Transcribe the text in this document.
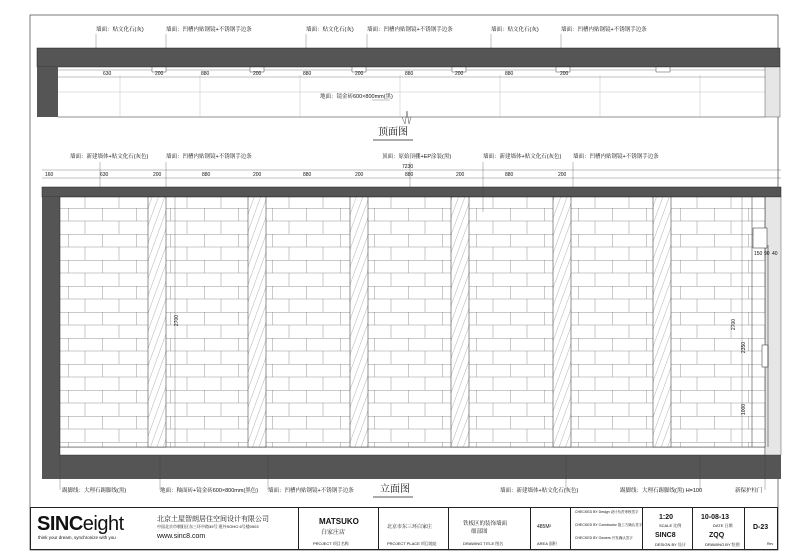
墙面：贴文化石(灰)	墙面：凹槽内贴钢镜+不锈钢手边条	墙面：贴文化石(灰) 墙面：凹槽内贴钢镜+不锈钢手边条	墙面：贴文化石(灰)	墙面：凹槽内贴钢镜+不锈钢手边条
630	200	880	200	880	200	880	200	880	200
地面：镜金砖600×800mm(黑)
顶面图
墙面：新建墙体+贴文化石(灰色)	墙面：凹槽内贴钢镜+不锈钢手边条	顶面：原始顶棚+EP涂装(黑)	墙面：新建墙体+贴文化石(灰色) 墙面：凹槽内贴钢镜+不锈钢手边条
7230
160	630	200	880	200	880	200	880	200	880	200
2700
150 90 40
2700
2350
1000
踢脚线：大理石踢脚线(黑)	地面：釉面砖+镜金砖600×800mm(黑色) 墙面：凹槽内贴钢镜+不锈钢手边条	墙面：新建墙体+贴文化石(灰色)	踢脚线：大理石踢脚线(黑) H=100	新保护柱门
立面图
SINCeight
think your dream, synchronize with you
北京土屋智朗居住空间设计有限公司
中国北京市朝阳区东三环中路39号 建外SOHO 6号楼0903
www.sinc8.com
MATSUKO
白家庄店
PROJECT 项目名称
北京市东三环白家庄
PROJECT PLACE 项目地址
铁板区的装饰墙面
细部图
DRAWING TITLE 图名
485M²
AREA 面积
CHECKED BY Design 设计负责审核签字
CHECKED BY Constructor 施工方确认签字
CHECKED BY Owners 开发确认签字
1:20
SCALE 比例
SINC8
DESIGN BY 设计
10-08-13
DATE 日期
ZQQ
DRAWING BY 绘图
D-23
Rev
